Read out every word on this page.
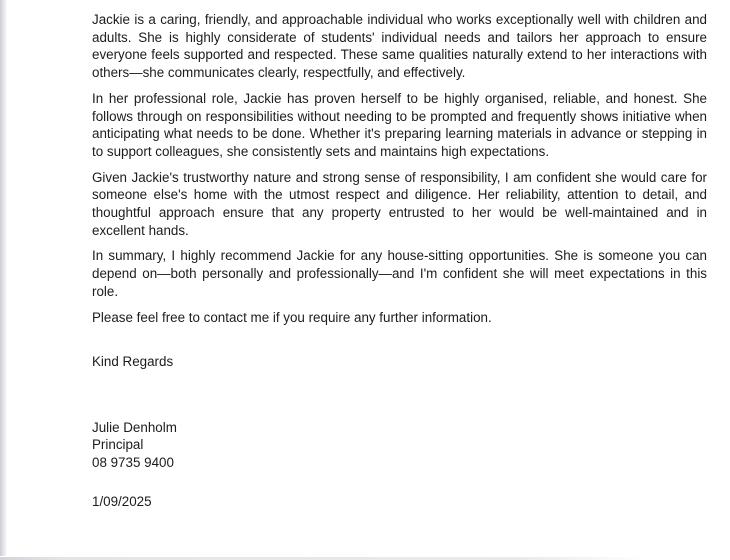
Jackie is a caring, friendly, and approachable individual who works exceptionally well with children and adults. She is highly considerate of students' individual needs and tailors her approach to ensure everyone feels supported and respected. These same qualities naturally extend to her interactions with others—she communicates clearly, respectfully, and effectively.

In her professional role, Jackie has proven herself to be highly organised, reliable, and honest. She follows through on responsibilities without needing to be prompted and frequently shows initiative when anticipating what needs to be done. Whether it's preparing learning materials in advance or stepping in to support colleagues, she consistently sets and maintains high expectations.

Given Jackie's trustworthy nature and strong sense of responsibility, I am confident she would care for someone else's home with the utmost respect and diligence. Her reliability, attention to detail, and thoughtful approach ensure that any property entrusted to her would be well-maintained and in excellent hands.

In summary, I highly recommend Jackie for any house-sitting opportunities. She is someone you can depend on—both personally and professionally—and I'm confident she will meet expectations in this role.

Please feel free to contact me if you require any further information.

Kind Regards

Julie Denholm
Principal
08 9735 9400

1/09/2025
